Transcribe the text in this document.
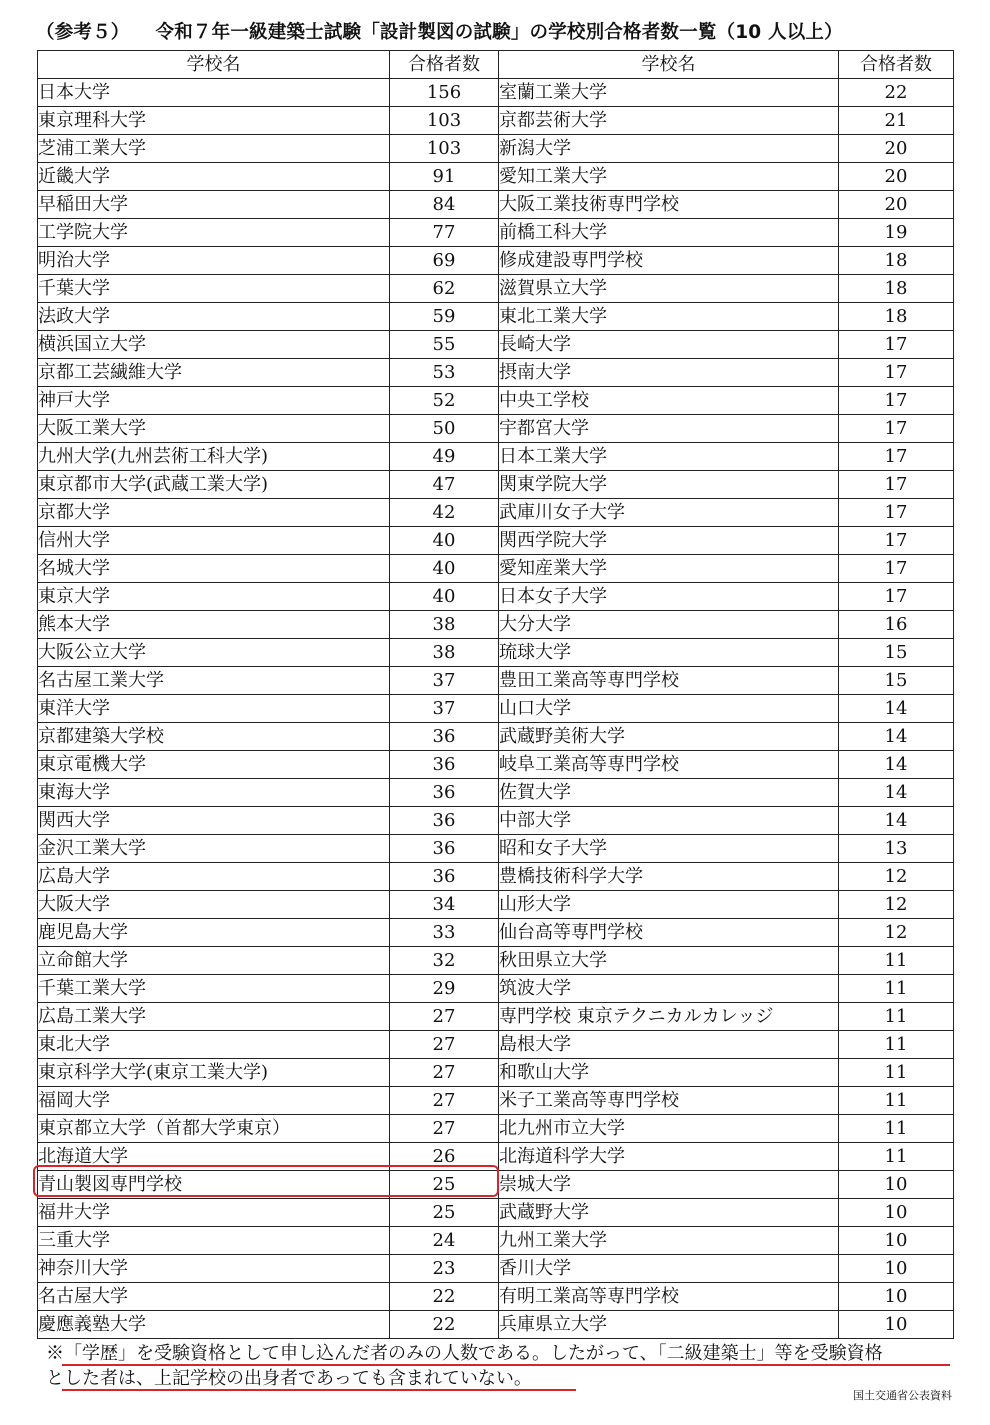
（参考５） 令和７年一級建築士試験「設計製図の試験」の学校別合格者数一覧（10 人以上）
学校名	合格者数	学校名	合格者数
日本大学	156	室蘭工業大学	22
東京理科大学	103	京都芸術大学	21
芝浦工業大学	103	新潟大学	20
近畿大学	91	愛知工業大学	20
早稲田大学	84	大阪工業技術専門学校	20
工学院大学	77	前橋工科大学	19
明治大学	69	修成建設専門学校	18
千葉大学	62	滋賀県立大学	18
法政大学	59	東北工業大学	18
横浜国立大学	55	長崎大学	17
京都工芸繊維大学	53	摂南大学	17
神戸大学	52	中央工学校	17
大阪工業大学	50	宇都宮大学	17
九州大学(九州芸術工科大学)	49	日本工業大学	17
東京都市大学(武蔵工業大学)	47	関東学院大学	17
京都大学	42	武庫川女子大学	17
信州大学	40	関西学院大学	17
名城大学	40	愛知産業大学	17
東京大学	40	日本女子大学	17
熊本大学	38	大分大学	16
大阪公立大学	38	琉球大学	15
名古屋工業大学	37	豊田工業高等専門学校	15
東洋大学	37	山口大学	14
京都建築大学校	36	武蔵野美術大学	14
東京電機大学	36	岐阜工業高等専門学校	14
東海大学	36	佐賀大学	14
関西大学	36	中部大学	14
金沢工業大学	36	昭和女子大学	13
広島大学	36	豊橋技術科学大学	12
大阪大学	34	山形大学	12
鹿児島大学	33	仙台高等専門学校	12
立命館大学	32	秋田県立大学	11
千葉工業大学	29	筑波大学	11
広島工業大学	27	専門学校 東京テクニカルカレッジ	11
東北大学	27	島根大学	11
東京科学大学(東京工業大学)	27	和歌山大学	11
福岡大学	27	米子工業高等専門学校	11
東京都立大学（首都大学東京）	27	北九州市立大学	11
北海道大学	26	北海道科学大学	11
青山製図専門学校	25	崇城大学	10
福井大学	25	武蔵野大学	10
三重大学	24	九州工業大学	10
神奈川大学	23	香川大学	10
名古屋大学	22	有明工業高等専門学校	10
慶應義塾大学	22	兵庫県立大学	10
※「学歴」を受験資格として申し込んだ者のみの人数である。したがって、「二級建築士」等を受験資格
とした者は、上記学校の出身者であっても含まれていない。
国土交通省公表資料
